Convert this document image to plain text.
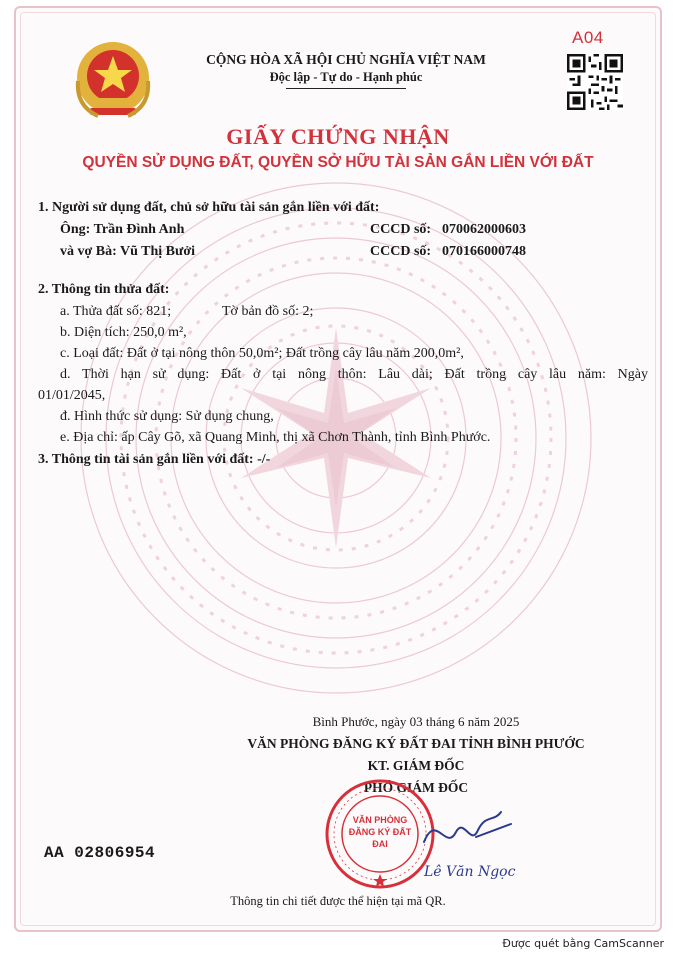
CỘNG HÒA XÃ HỘI CHỦ NGHĨA VIỆT NAM
Độc lập - Tự do - Hạnh phúc
A04
GIẤY CHỨNG NHẬN
QUYỀN SỬ DỤNG ĐẤT, QUYỀN SỞ HỮU TÀI SẢN GẮN LIỀN VỚI ĐẤT
1. Người sử dụng đất, chủ sở hữu tài sản gắn liền với đất:
Ông: Trần Đình Anh	CCCD số: 070062000603
và vợ Bà: Vũ Thị Bưởi	CCCD số: 070166000748
2. Thông tin thửa đất:
a. Thửa đất số: 821;	Tờ bản đồ số: 2;
b. Diện tích: 250,0 m²,
c. Loại đất: Đất ở tại nông thôn 50,0m²; Đất trồng cây lâu năm 200,0m²,
d. Thời hạn sử dụng: Đất ở tại nông thôn: Lâu dài; Đất trồng cây lâu năm: Ngày
01/01/2045,
đ. Hình thức sử dụng: Sử dụng chung,
e. Địa chỉ: ấp Cây Gõ, xã Quang Minh, thị xã Chơn Thành, tỉnh Bình Phước.
3. Thông tin tài sản gắn liền với đất: -/-
Bình Phước, ngày 03 tháng 6 năm 2025
VĂN PHÒNG ĐĂNG KÝ ĐẤT ĐAI TỈNH BÌNH PHƯỚC
KT. GIÁM ĐỐC
PHÓ GIÁM ĐỐC
VĂN PHÒNG ĐĂNG KÝ ĐẤT ĐAI
Lê Văn Ngọc
AA 02806954
Thông tin chi tiết được thể hiện tại mã QR.
Được quét bằng CamScanner
